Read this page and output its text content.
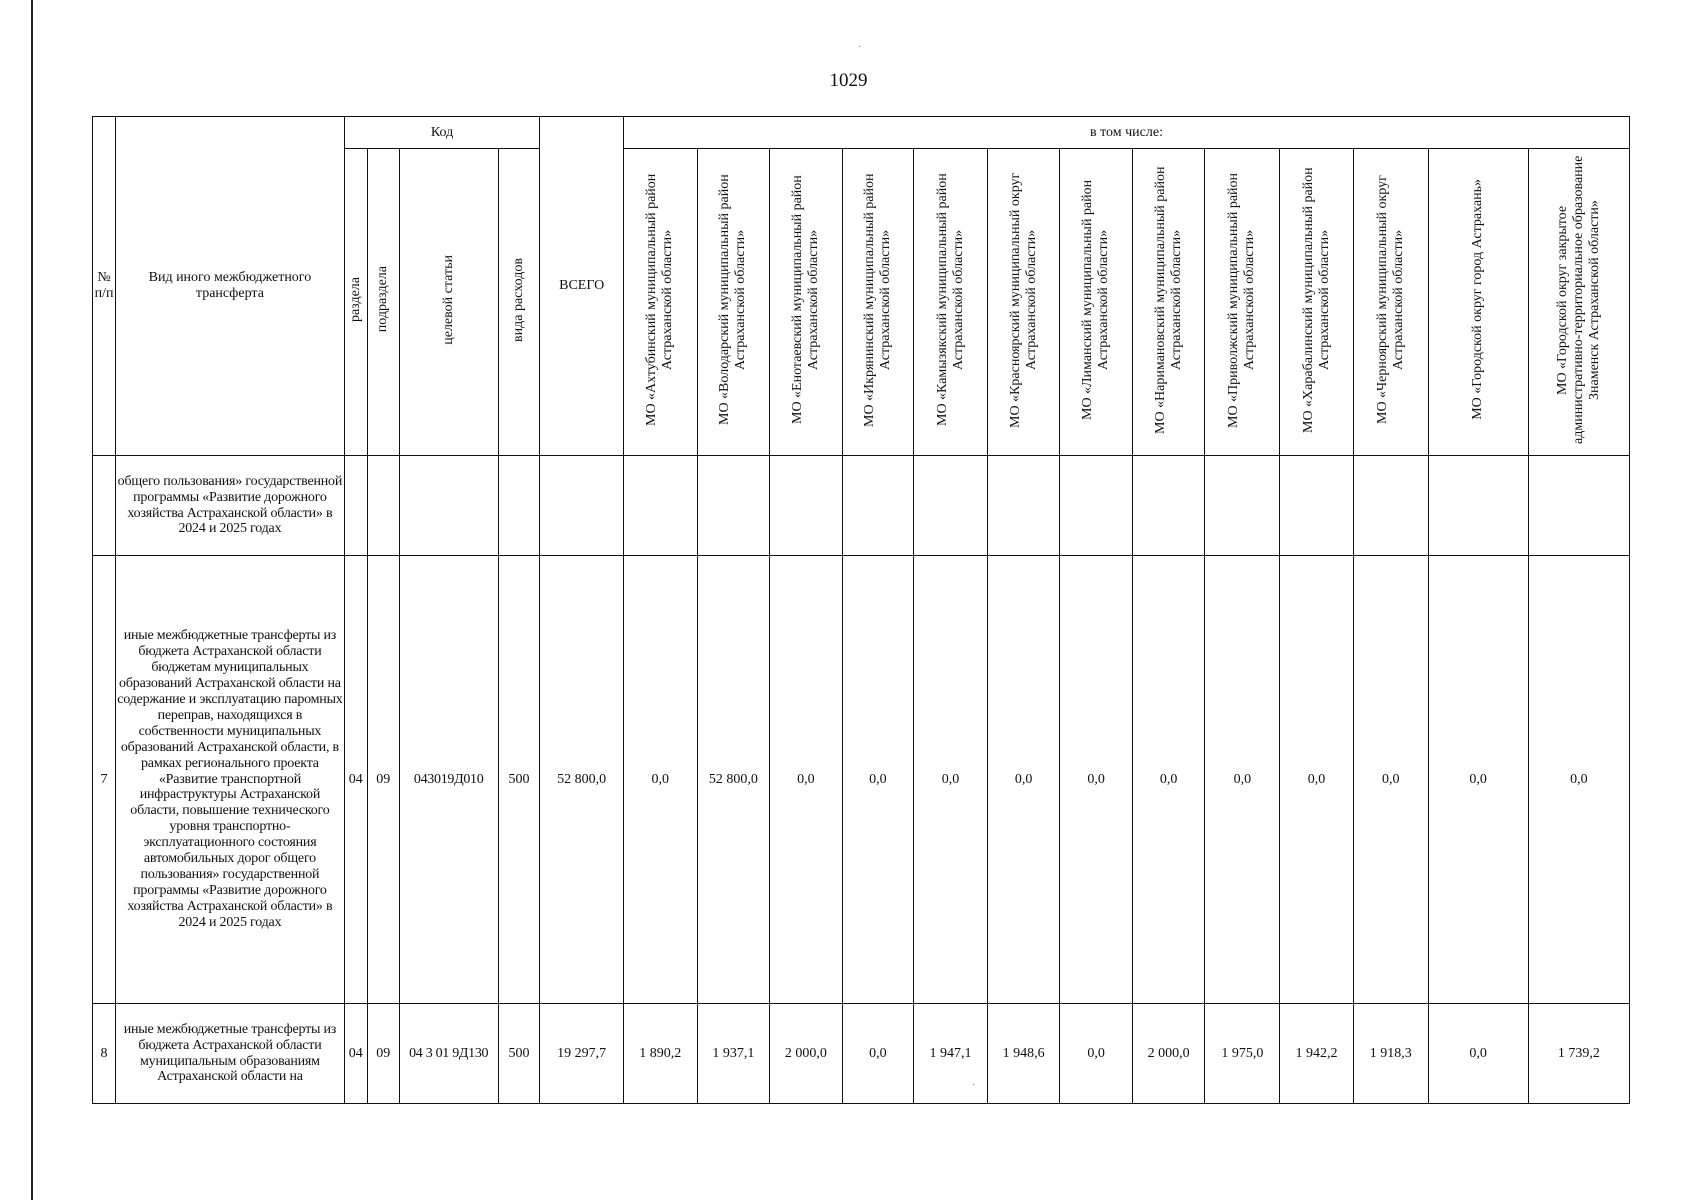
1029
·
·
№ п/п	Вид иного межбюджетного трансферта	Код				ВСЕГО	в том числе:												
		раздела	подраздела	целевой статьи	вида расходов		МО «Ахтубинский муниципальный район Астраханской области»	МО «Володарский муниципальный район Астраханской области»	МО «Енотаевский муниципальный район Астраханской области»	МО «Икрянинский муниципальный район Астраханской области»	МО «Камызякский муниципальный район Астраханской области»	МО «Красноярский муниципальный округ Астраханской области»	МО «Лиманский муниципальный район Астраханской области»	МО «Наримановский муниципальный район Астраханской области»	МО «Приволжский муниципальный район Астраханской области»	МО «Харабалинский муниципальный район Астраханской области»	МО «Черноярский муниципальный округ Астраханской области»	МО «Городской округ город Астрахань»	МО «Городской округ закрытое административно-территориальное образование Знаменск Астраханской области»
	общего пользования» государственной программы «Развитие дорожного хозяйства Астраханской области» в 2024 и 2025 годах																		
7	иные межбюджетные трансферты из бюджета Астраханской области бюджетам муниципальных образований Астраханской области на содержание и эксплуатацию паромных переправ, находящихся в собственности муниципальных образований Астраханской области, в рамках регионального проекта «Развитие транспортной инфраструктуры Астраханской области, повышение технического уровня транспортно-эксплуатационного состояния автомобильных дорог общего пользования» государственной программы «Развитие дорожного хозяйства Астраханской области» в 2024 и 2025 годах	04	09	043019Д010	500	52 800,0	0,0	52 800,0	0,0	0,0	0,0	0,0	0,0	0,0	0,0	0,0	0,0	0,0	0,0
8	иные межбюджетные трансферты из бюджета Астраханской области муниципальным образованиям Астраханской области на	04	09	04 3 01 9Д130	500	19 297,7	1 890,2	1 937,1	2 000,0	0,0	1 947,1	1 948,6	0,0	2 000,0	1 975,0	1 942,2	1 918,3	0,0	1 739,2
